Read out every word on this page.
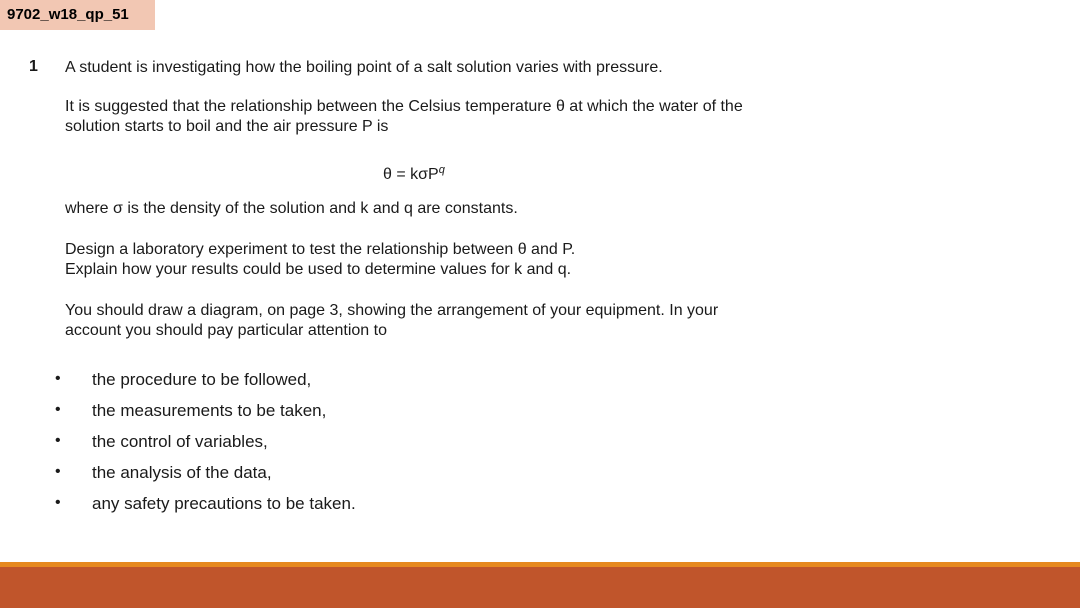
9702_w18_qp_51
1 A student is investigating how the boiling point of a salt solution varies with pressure.
It is suggested that the relationship between the Celsius temperature θ at which the water of the
solution starts to boil and the air pressure P is
θ = kσP$^q$
where σ is the density of the solution and k and q are constants.
Design a laboratory experiment to test the relationship between θ and P.
Explain how your results could be used to determine values for k and q.
You should draw a diagram, on page 3, showing the arrangement of your equipment. In your
account you should pay particular attention to
• the procedure to be followed,
• the measurements to be taken,
• the control of variables,
• the analysis of the data,
• any safety precautions to be taken.
